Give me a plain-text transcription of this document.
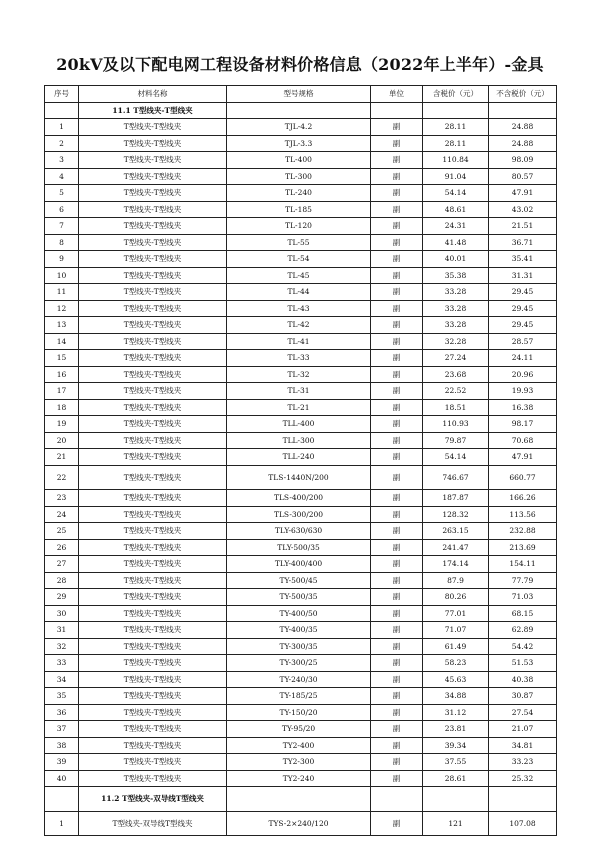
20kV及以下配电网工程设备材料价格信息（2022年上半年）-金具
序号	材料名称	型号规格	单位	含税价（元）	不含税价（元）
	11.1 T型线夹-T型线夹				
1	T型线夹-T型线夹	TJL-4.2	副	28.11	24.88
2	T型线夹-T型线夹	TJL-3.3	副	28.11	24.88
3	T型线夹-T型线夹	TL-400	副	110.84	98.09
4	T型线夹-T型线夹	TL-300	副	91.04	80.57
5	T型线夹-T型线夹	TL-240	副	54.14	47.91
6	T型线夹-T型线夹	TL-185	副	48.61	43.02
7	T型线夹-T型线夹	TL-120	副	24.31	21.51
8	T型线夹-T型线夹	TL-55	副	41.48	36.71
9	T型线夹-T型线夹	TL-54	副	40.01	35.41
10	T型线夹-T型线夹	TL-45	副	35.38	31.31
11	T型线夹-T型线夹	TL-44	副	33.28	29.45
12	T型线夹-T型线夹	TL-43	副	33.28	29.45
13	T型线夹-T型线夹	TL-42	副	33.28	29.45
14	T型线夹-T型线夹	TL-41	副	32.28	28.57
15	T型线夹-T型线夹	TL-33	副	27.24	24.11
16	T型线夹-T型线夹	TL-32	副	23.68	20.96
17	T型线夹-T型线夹	TL-31	副	22.52	19.93
18	T型线夹-T型线夹	TL-21	副	18.51	16.38
19	T型线夹-T型线夹	TLL-400	副	110.93	98.17
20	T型线夹-T型线夹	TLL-300	副	79.87	70.68
21	T型线夹-T型线夹	TLL-240	副	54.14	47.91
22	T型线夹-T型线夹	TLS-1440N/200	副	746.67	660.77
23	T型线夹-T型线夹	TLS-400/200	副	187.87	166.26
24	T型线夹-T型线夹	TLS-300/200	副	128.32	113.56
25	T型线夹-T型线夹	TLY-630/630	副	263.15	232.88
26	T型线夹-T型线夹	TLY-500/35	副	241.47	213.69
27	T型线夹-T型线夹	TLY-400/400	副	174.14	154.11
28	T型线夹-T型线夹	TY-500/45	副	87.9	77.79
29	T型线夹-T型线夹	TY-500/35	副	80.26	71.03
30	T型线夹-T型线夹	TY-400/50	副	77.01	68.15
31	T型线夹-T型线夹	TY-400/35	副	71.07	62.89
32	T型线夹-T型线夹	TY-300/35	副	61.49	54.42
33	T型线夹-T型线夹	TY-300/25	副	58.23	51.53
34	T型线夹-T型线夹	TY-240/30	副	45.63	40.38
35	T型线夹-T型线夹	TY-185/25	副	34.88	30.87
36	T型线夹-T型线夹	TY-150/20	副	31.12	27.54
37	T型线夹-T型线夹	TY-95/20	副	23.81	21.07
38	T型线夹-T型线夹	TY2-400	副	39.34	34.81
39	T型线夹-T型线夹	TY2-300	副	37.55	33.23
40	T型线夹-T型线夹	TY2-240	副	28.61	25.32
	11.2 T型线夹-双导线T型线夹				
1	T型线夹-双导线T型线夹	TYS-2×240/120	副	121	107.08
